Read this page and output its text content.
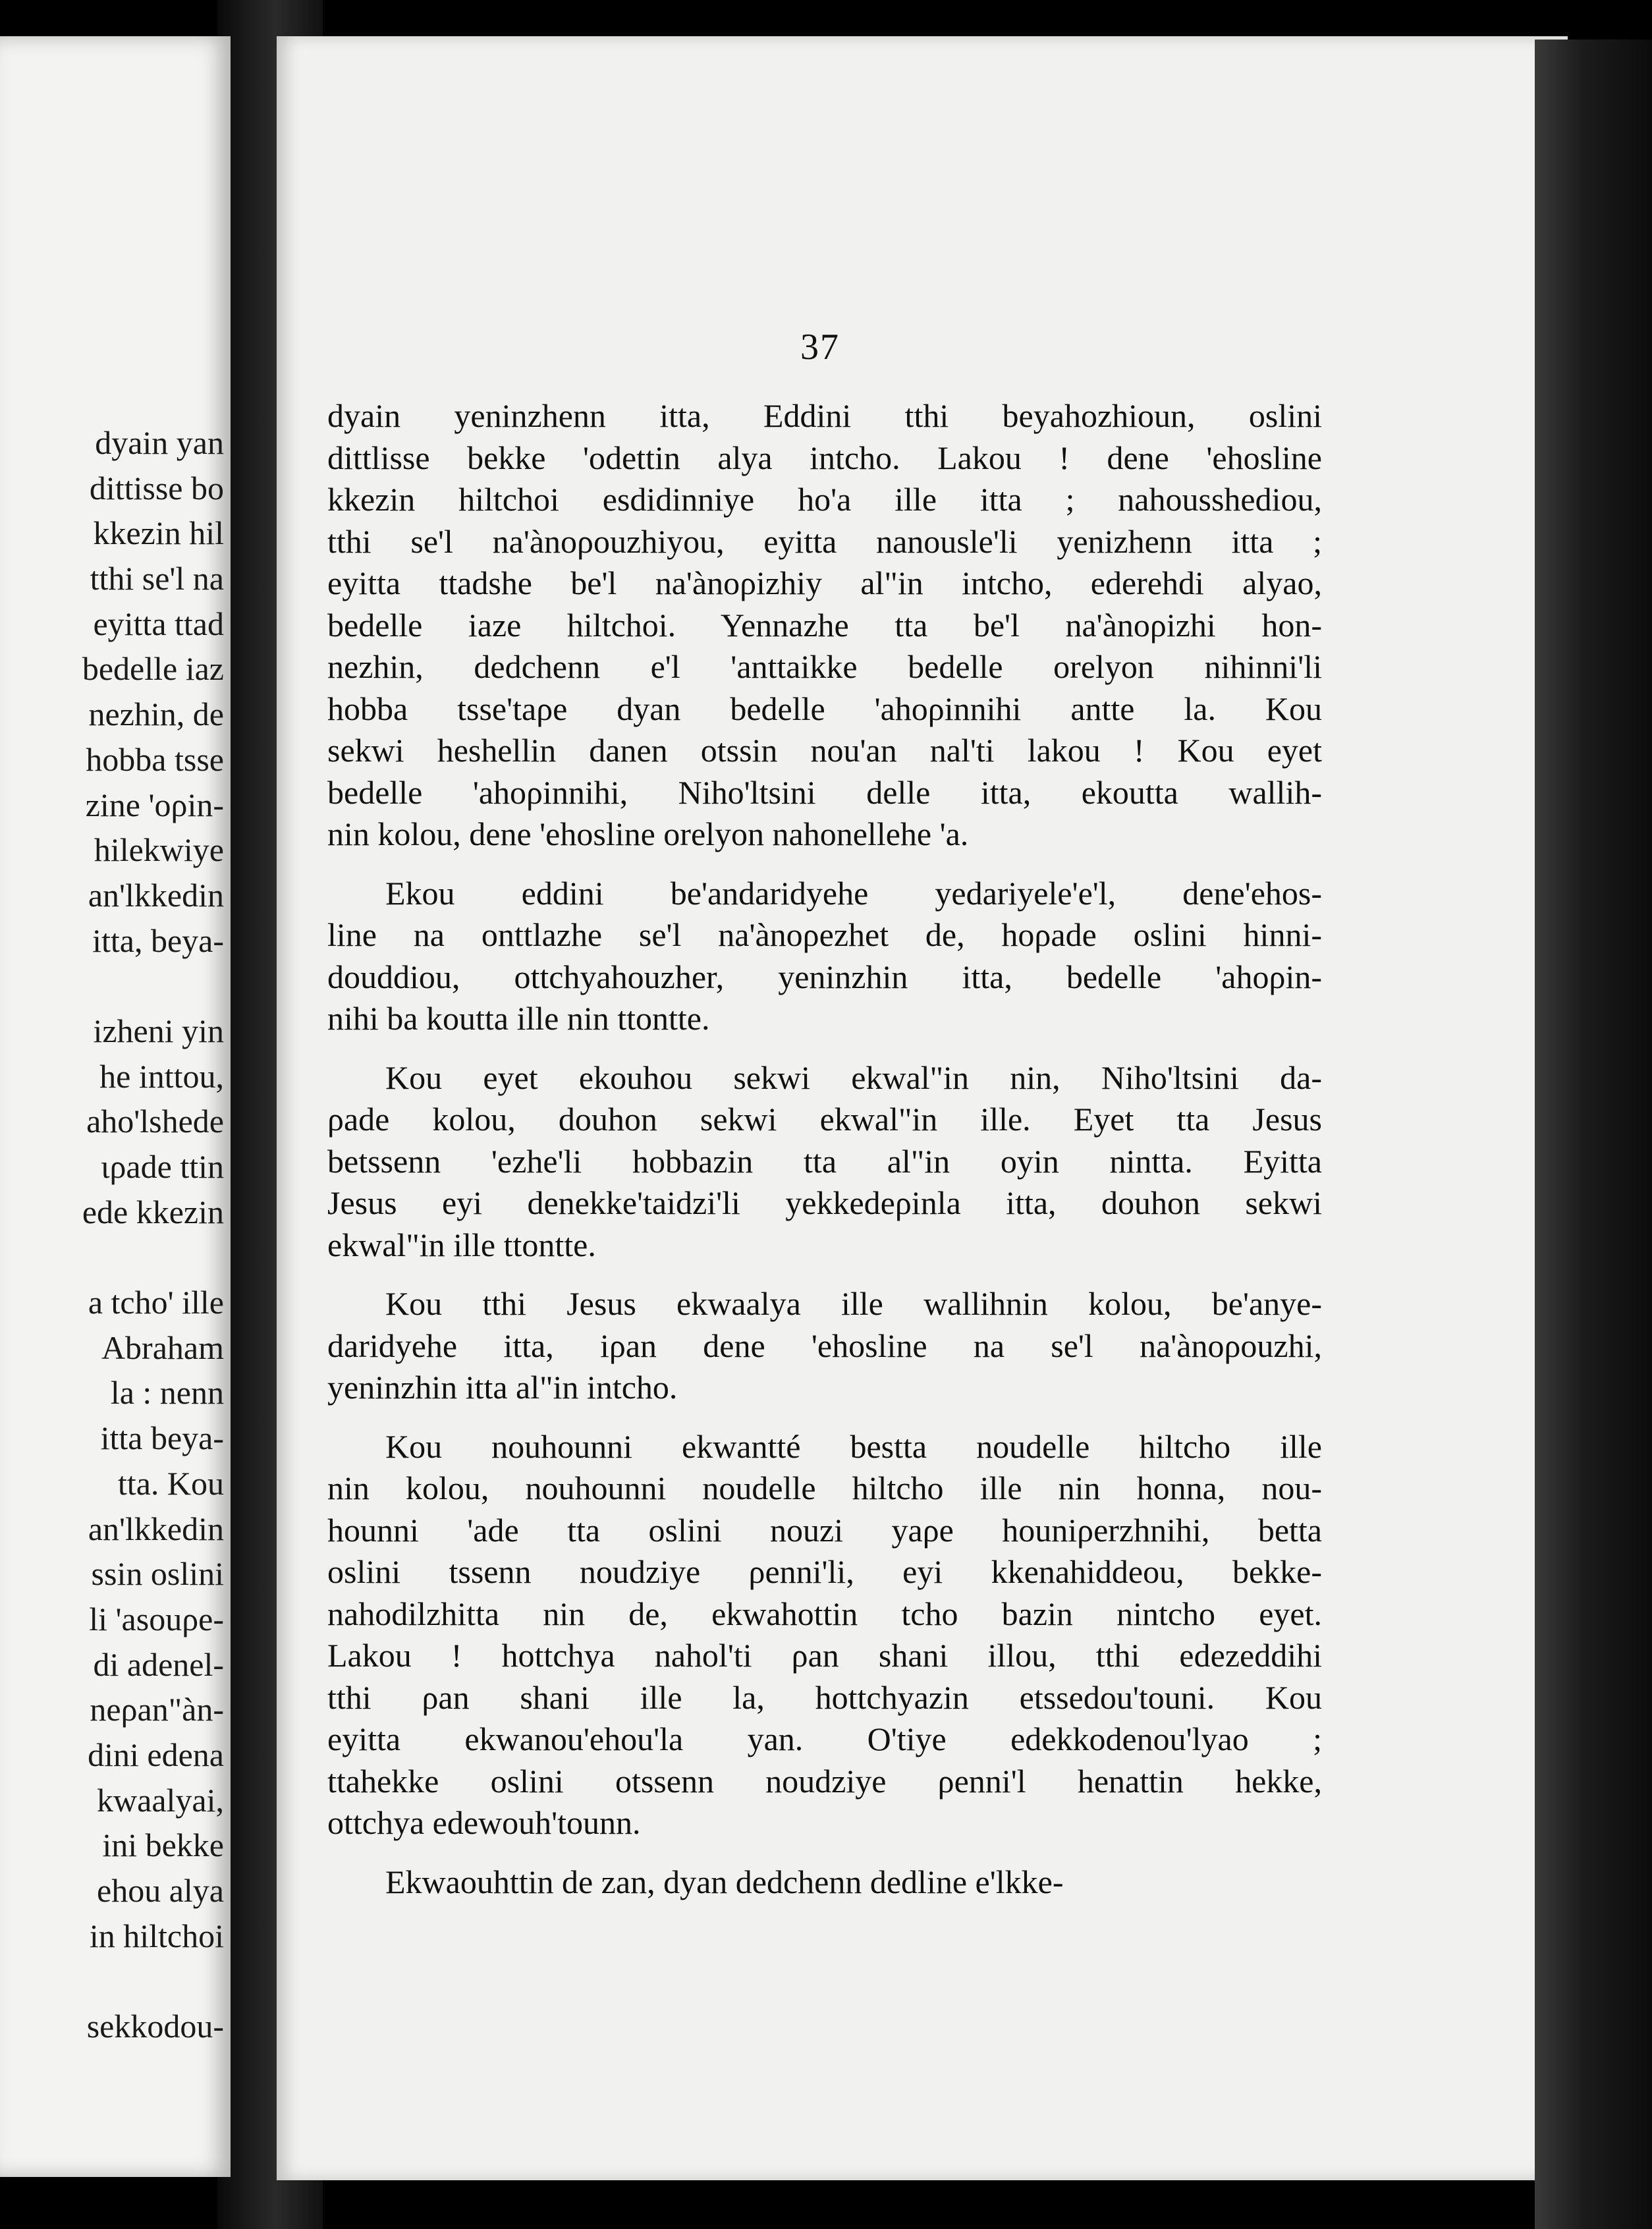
dyain yan
dittisse bo
kkezin hil
tthi se'l na
eyitta ttad
bedelle iaz
nezhin, de
hobba tsse
zine 'oρin-
hilekwiye
an'lkkedin
itta, beya-
izheni yin
he inttou,
aho'lshede
ιρade ttin
ede kkezin
a tcho' ille
Abraham
la : nenn
itta beya-
tta. Kou
an'lkkedin
ssin oslini
li 'asouρe-
di adenel-
neρan"àn-
dini edena
kwaalyai,
ini bekke
ehou alya
in hiltchoi
sekkodou-
37

dyain yeninzhenn itta, Eddini tthi beyahozhioun, oslini
dittlisse bekke 'odettin alya intcho. Lakou ! dene 'ehosline
kkezin hiltchoi esdidinniye ho'a ille itta ; nahousshediou,
tthi se'l na'ànoρouzhiyou, eyitta nanousle'li yenizhenn itta ;
eyitta ttadshe be'l na'ànoρizhiy al"in intcho, ederehdi alyao,
bedelle iaze hiltchoi. Yennazhe tta be'l na'ànoρizhi hon-
nezhin, dedchenn e'l 'anttaikke bedelle orelyon nihinni'li
hobba tsse'taρe dyan bedelle 'ahoρinnihi antte la. Kou
sekwi heshellin danen otssin nou'an nal'ti lakou ! Kou eyet
bedelle 'ahoρinnihi, Niho'ltsini delle itta, ekoutta wallih-
nin kolou, dene 'ehosline orelyon nahonellehe 'a.

Ekou eddini be'andaridyehe yedariyele'e'l, dene'ehos-
line na onttlazhe se'l na'ànoρezhet de, hoρade oslini hinni-
douddiou, ottchyahouzher, yeninzhin itta, bedelle 'ahoρin-
nihi ba koutta ille nin ttontte.

Kou eyet ekouhou sekwi ekwal"in nin, Niho'ltsini da-
ρade kolou, douhon sekwi ekwal"in ille. Eyet tta Jesus
betssenn 'ezhe'li hobbazin tta al"in oyin nintta. Eyitta
Jesus eyi denekke'taidzi'li yekkedeρinla itta, douhon sekwi
ekwal"in ille ttontte.

Kou tthi Jesus ekwaalya ille wallihnin kolou, be'anye-
daridyehe itta, iρan dene 'ehosline na se'l na'ànoρouzhi,
yeninzhin itta al"in intcho.

Kou nouhounni ekwantté bestta noudelle hiltcho ille
nin kolou, nouhounni noudelle hiltcho ille nin honna, nou-
hounni 'ade tta oslini nouzi yaρe houniρerzhnihi, betta
oslini tssenn noudziye ρenni'li, eyi kkenahiddeou, bekke-
nahodilzhitta nin de, ekwahottin tcho bazin nintcho eyet.
Lakou ! hottchya nahol'ti ρan shani illou, tthi edezeddihi
tthi ρan shani ille la, hottchyazin etssedou'touni. Kou
eyitta ekwanou'ehou'la yan. O'tiye edekkodenou'lyao ;
ttahekke oslini otssenn noudziye ρenni'l henattin hekke,
ottchya edewouh'tounn.

Ekwaouhttin de zan, dyan dedchenn dedline e'lkke-
